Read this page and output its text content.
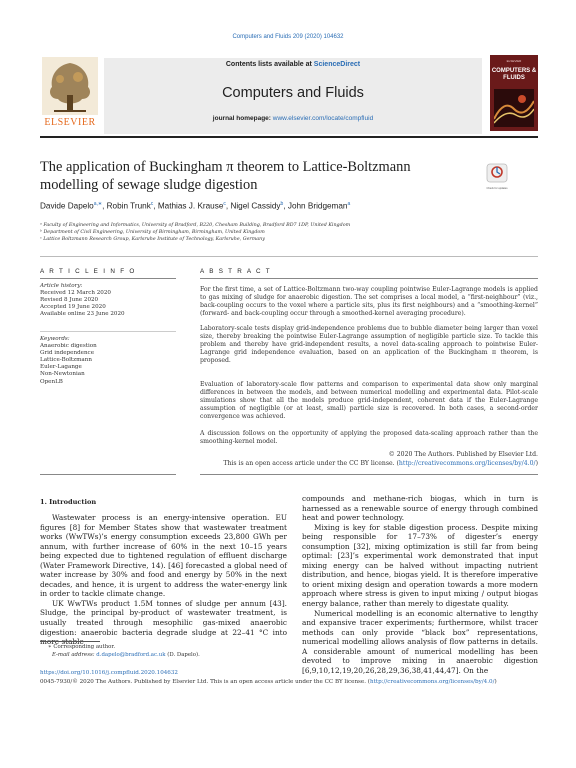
Computers and Fluids 209 (2020) 104632
ELSEVIER
Contents lists available at ScienceDirect
Computers and Fluids
journal homepage: www.elsevier.com/locate/compfluid
ELSEVIER
COMPUTERS & FLUIDS
The application of Buckingham π theorem to Lattice-Boltzmann
modelling of sewage sludge digestion	Check for updates
Davide Dapelo$^{a,∗}$, Robin Trunk$^c$, Mathias J. Krause$^c$, Nigel Cassidy$^b$, John Bridgeman$^a$
ᵃ Faculty of Engineering and Informatics, University of Bradford, B220, Chesham Building, Bradford BD7 1DP, United Kingdom
ᵇ Department of Civil Engineering, University of Birmingham, Birmingham, United Kingdom
ᶜ Lattice Boltzmann Research Group, Karlsruhe Institute of Technology, Karlsruhe, Germany
A R T I C L E I N F O
Article history:
Received 12 March 2020
Revised 8 June 2020
Accepted 19 June 2020
Available online 23 June 2020
Keywords:
Anaerobic digestion
Grid independence
Lattice-Boltzmann
Euler-Lagange
Non-Newtonian
OpenLB
A B S T R A C T
For the first time, a set of Lattice-Boltzmann two-way coupling pointwise Euler-Lagrange models is applied to gas mixing of sludge for anaerobic digestion. The set comprises a local model, a “first-neighbour” (viz., back-coupling occurs to the voxel where a particle sits, plus its first neighbours) and a “smoothing-kernel” (forward- and back-coupling occur through a smoothed-kernel averaging procedure).
Laboratory-scale tests display grid-independence problems due to bubble diameter being larger than voxel size, thereby breaking the pointwise Euler-Lagrange assumption of negligible particle size. To tackle this problem and thereby have grid-independent results, a novel data-scaling approach to pointwise Euler-Lagrange grid independence evaluation, based on an application of the Buckingham π theorem, is proposed.
Evaluation of laboratory-scale flow patterns and comparison to experimental data show only marginal differences in between the models, and between numerical modelling and experimental data. Pilot-scale simulations show that all the models produce grid-independent, coherent data if the Euler-Lagrange assumption of negligible (or at least, small) particle size is recovered. In both cases, a second-order convergence was achieved.
A discussion follows on the opportunity of applying the proposed data-scaling approach rather than the smoothing-kernel model.
© 2020 The Authors. Published by Elsevier Ltd.
This is an open access article under the CC BY license. (http://creativecommons.org/licenses/by/4.0/)
1. Introduction

Wastewater process is an energy-intensive operation. EU figures [8] for Member States show that wastewater treatment works (WwTWs)’s energy consumption exceeds 23,800 GWh per annum, with further increase of 60% in the next 10–15 years being expected due to tightened regulation of effluent discharge (Water Framework Directive, 14). [46] forecasted a global need of water increase by 30% and food and energy by 50% in the next decades, and hence, it is urgent to address the water-energy link in order to tackle climate change.

UK WwTWs product 1.5M tonnes of sludge per annum [43]. Sludge, the principal by-product of wastewater treatment, is usually treated through mesophilic gas-mixed anaerobic digestion: anaerobic bacteria degrade sludge at 22–41 °C into

compounds and methane-rich biogas, which in turn is harnessed as a renewable source of energy through combined heat and power technology.

Mixing is key for stable digestion process. Despite mixing being responsible for 17–73% of digester’s energy consumption [32], mixing optimization is still far from being optimal: [23]’s experimental work demonstrated that input mixing energy can be halved without impacting nutrient distribution, and hence, biogas yield. It is therefore imperative to orient mixing design and operation towards a more modern approach where stress is given to input mixing / output biogas energy balance, rather than merely to digestate quality.

Numerical modelling is an economic alternative to lengthy and expansive tracer experiments; furthermore, whilst tracer methods can only provide “black box” representations, numerical modelling allows analysis of flow patterns in details. A considerable amount of numerical modelling has been devoted to improve mixing in anaerobic digestion [6,9,10,12,19,20,26,28,29,36,38,41,44,47]. On the

∗ Corresponding author.
E-mail address: d.dapelo@bradford.ac.uk (D. Dapelo).
https://doi.org/10.1016/j.compfluid.2020.104632
0045-7930/© 2020 The Authors. Published by Elsevier Ltd. This is an open access article under the CC BY license. (http://creativecommons.org/licenses/by/4.0/)
